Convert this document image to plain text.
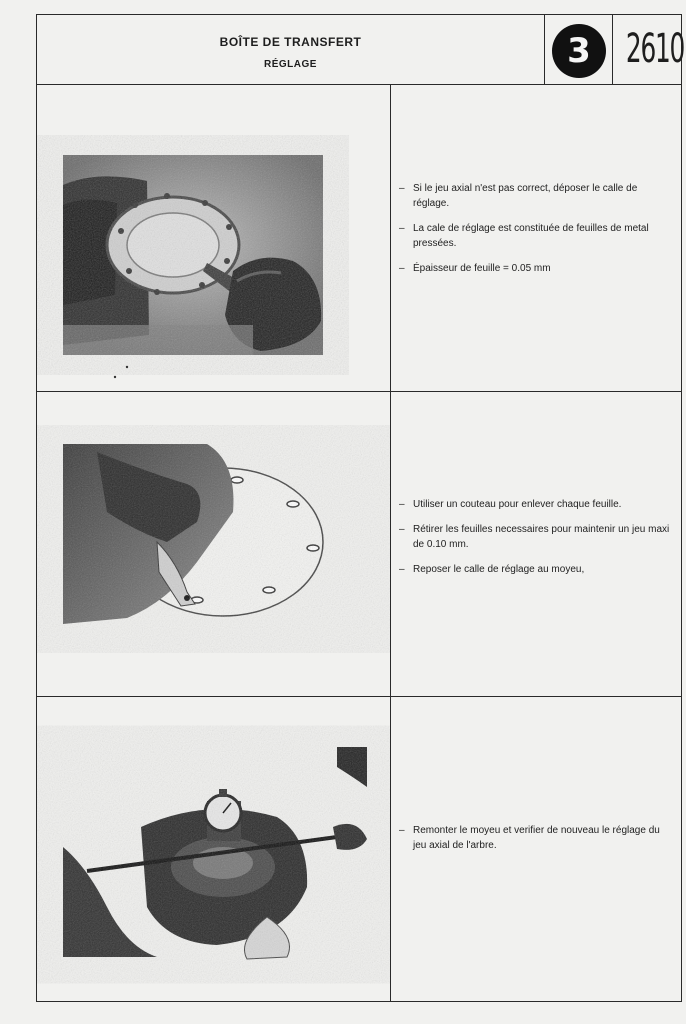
BOÎTE DE TRANSFERT
RÉGLAGE	3 2610
– Si le jeu axial n'est pas correct, déposer le calle de réglage.
– La cale de réglage est constituée de feuilles de metal pressées.
– Épaisseur de feuille = 0.05 mm
– Utiliser un couteau pour enlever chaque feuille.
– Rétirer les feuilles necessaires pour maintenir un jeu maxi de 0.10 mm.
– Reposer le calle de réglage au moyeu,
– Remonter le moyeu et verifier de nouveau le réglage du jeu axial de l'arbre.
